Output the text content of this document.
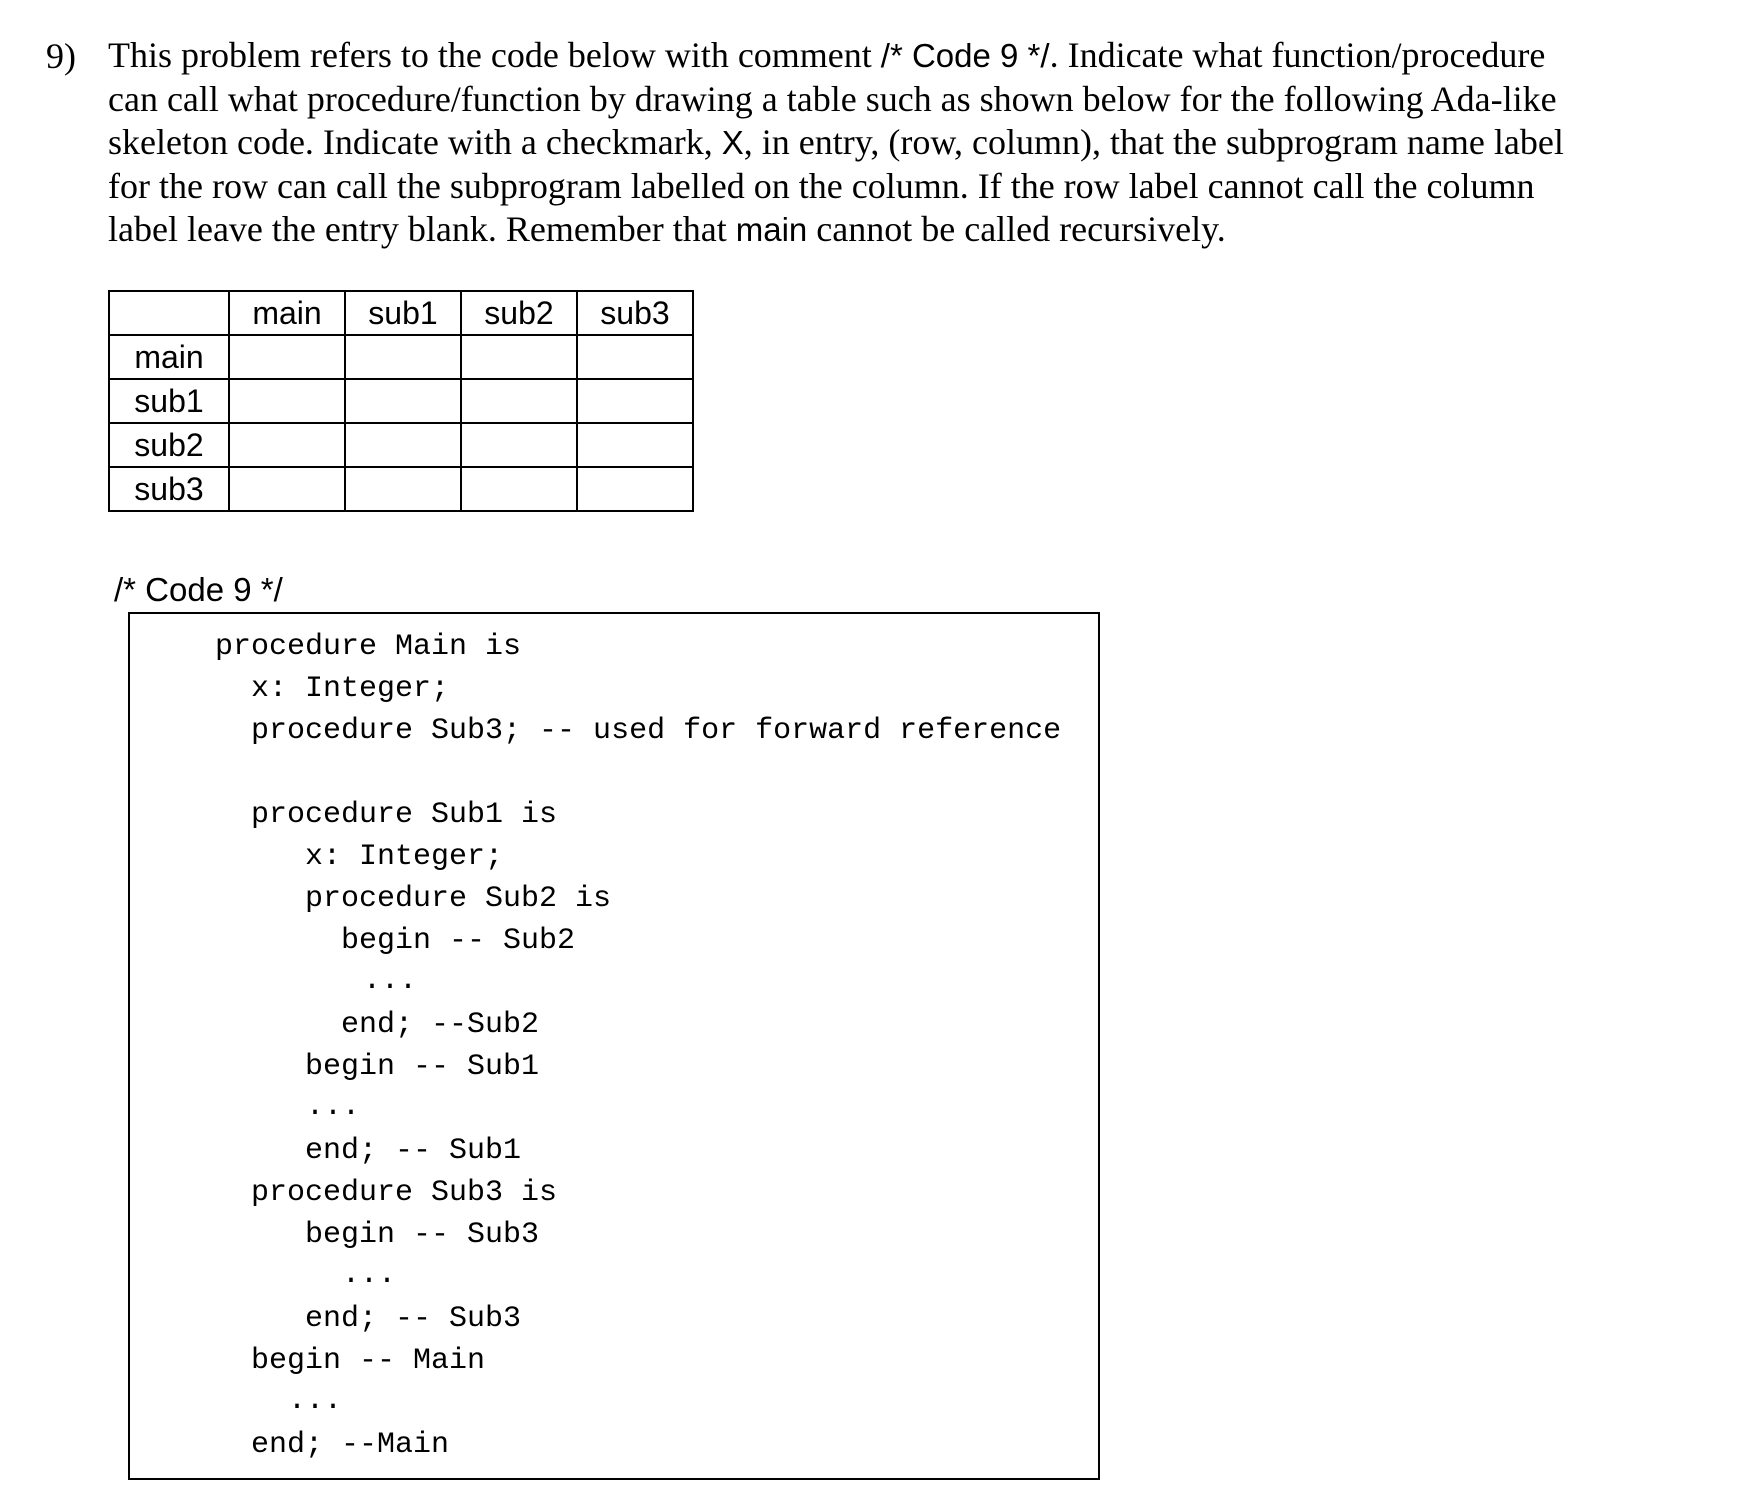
9) This problem refers to the code below with comment /* Code 9 */. Indicate what function/procedure
can call what procedure/function by drawing a table such as shown below for the following Ada-like
skeleton code. Indicate with a checkmark, X, in entry, (row, column), that the subprogram name label
for the row can call the subprogram labelled on the column. If the row label cannot call the column
label leave the entry blank. Remember that main cannot be called recursively.
	main	sub1	sub2	sub3
main				
sub1				
sub2				
sub3				
/* Code 9 */

procedure Main is

x: Integer;

procedure Sub3; -- used for forward reference

procedure Sub1 is

x: Integer;

procedure Sub2 is

begin -- Sub2

...

end; --Sub2

begin -- Sub1

...

end; -- Sub1

procedure Sub3 is

begin -- Sub3

...

end; -- Sub3

begin -- Main

...

end; --Main
